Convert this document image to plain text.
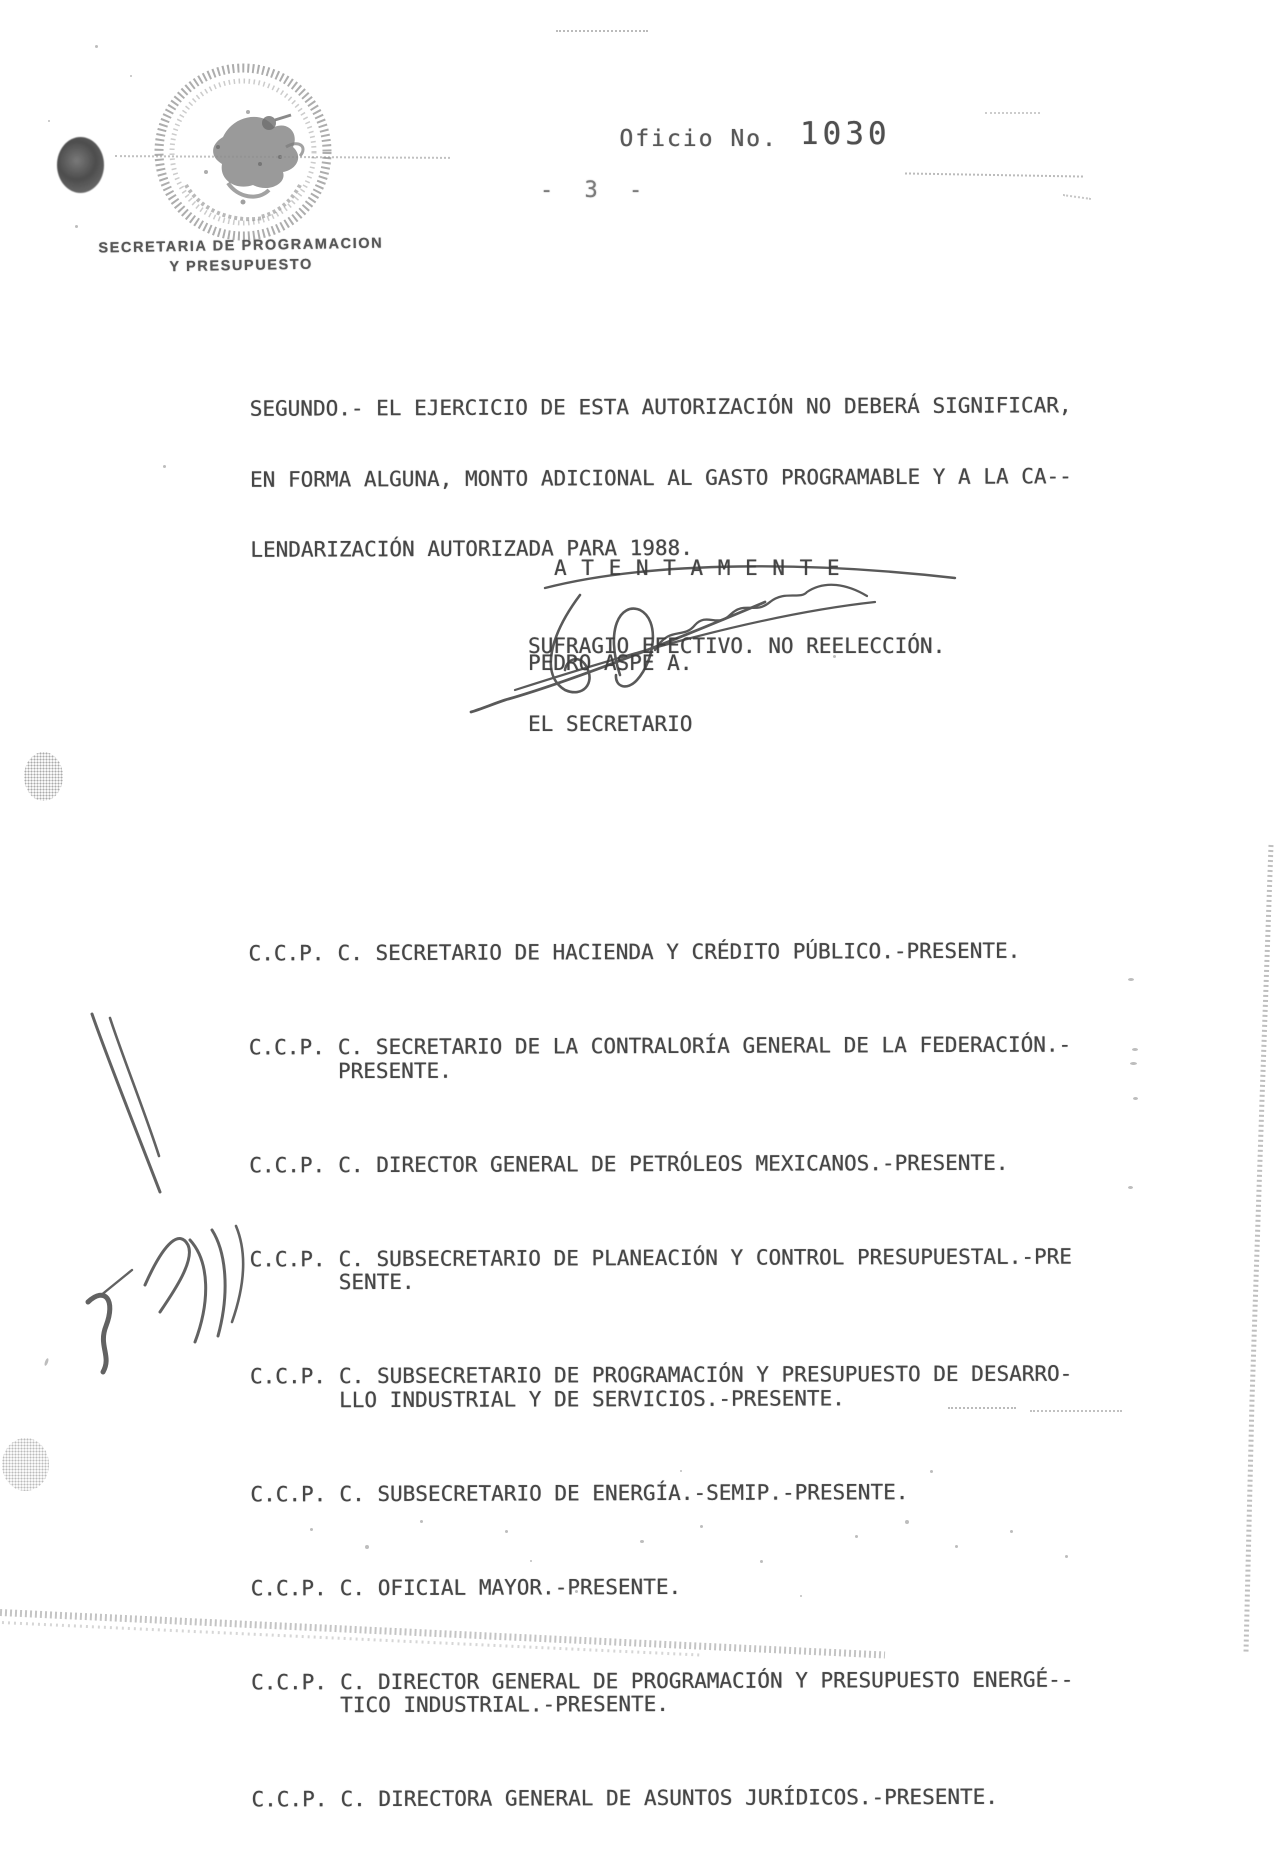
SECRETARIA DE PROGRAMACION
Y PRESUPUESTO

Oficio No. 1030

- 3 -

SEGUNDO.- EL EJERCICIO DE ESTA AUTORIZACIÓN NO DEBERÁ SIGNIFICAR,

EN FORMA ALGUNA, MONTO ADICIONAL AL GASTO PROGRAMABLE Y A LA CA--

LENDARIZACIÓN AUTORIZADA PARA 1988.

A T E N T A M E N T E

SUFRAGIO EFECTIVO. NO REELECCIÓN.

EL SECRETARIO

PEDRO ASPE A.

C.C.P. C. SECRETARIO DE HACIENDA Y CRÉDITO PÚBLICO.-PRESENTE.

C.C.P. C. SECRETARIO DE LA CONTRALORÍA GENERAL DE LA FEDERACIÓN.-
PRESENTE.

C.C.P. C. DIRECTOR GENERAL DE PETRÓLEOS MEXICANOS.-PRESENTE.

C.C.P. C. SUBSECRETARIO DE PLANEACIÓN Y CONTROL PRESUPUESTAL.-PRE
SENTE.

C.C.P. C. SUBSECRETARIO DE PROGRAMACIÓN Y PRESUPUESTO DE DESARRO-
LLO INDUSTRIAL Y DE SERVICIOS.-PRESENTE.

C.C.P. C. SUBSECRETARIO DE ENERGÍA.-SEMIP.-PRESENTE.

C.C.P. C. OFICIAL MAYOR.-PRESENTE.

C.C.P. C. DIRECTOR GENERAL DE PROGRAMACIÓN Y PRESUPUESTO ENERGÉ--
TICO INDUSTRIAL.-PRESENTE.

C.C.P. C. DIRECTORA GENERAL DE ASUNTOS JURÍDICOS.-PRESENTE.
